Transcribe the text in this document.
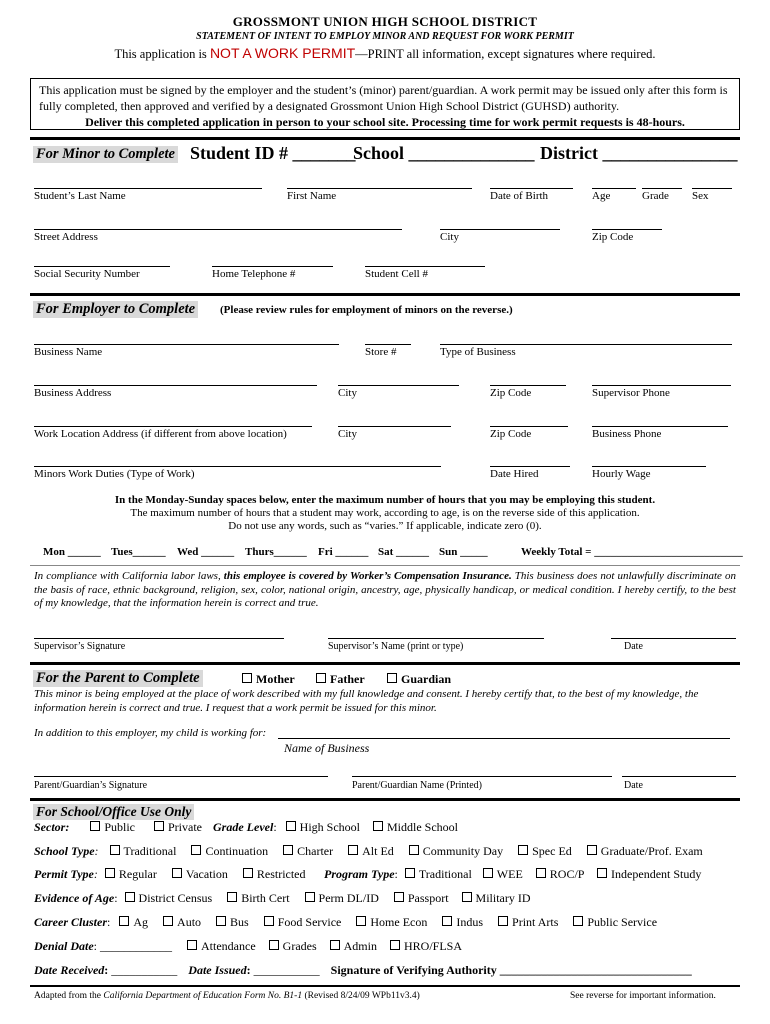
GROSSMONT UNION HIGH SCHOOL DISTRICT
STATEMENT OF INTENT TO EMPLOY MINOR AND REQUEST FOR WORK PERMIT
This application is NOT A WORK PERMIT—PRINT all information, except signatures where required.
This application must be signed by the employer and the student’s (minor) parent/guardian. A work permit may be issued only after this form is fully completed, then approved and verified by a designated Grossmont Union High School District (GUHSD) authority.
Deliver this completed application in person to your school site. Processing time for work permit requests is 48-hours.
For Minor to Complete Student ID # _______
School ______________ District _______________
Student’s Last Name	First Name	Date of Birth	Age	Grade Sex
Street Address	City	Zip Code
Social Security Number	Home Telephone #	Student Cell #
For Employer to Complete (Please review rules for employment of minors on the reverse.)
Business Name	Store #	Type of Business
Business Address	City	Zip Code	Supervisor Phone
Work Location Address (if different from above location)	City	Zip Code	Business Phone
Minors Work Duties (Type of Work)	Date Hired	Hourly Wage
In the Monday-Sunday spaces below, enter the maximum number of hours that you may be employing this student.
The maximum number of hours that a student may work, according to age, is on the reverse side of this application.
Do not use any words, such as “varies.” If applicable, indicate zero (0).
Mon ______ Tues______ Wed ______ Thurs______ Fri ______ Sat ______ Sun _____	Weekly Total = ___________________________
In compliance with California labor laws, this employee is covered by Worker’s Compensation Insurance. This business does not unlawfully discriminate on the basis of race, ethnic background, religion, sex, color, national origin, ancestry, age, physically handicap, or medical condition. I hereby certify, to the best of my knowledge, that the information herein is correct and true.
Supervisor’s Signature	Supervisor’s Name (print or type)	Date
For the Parent to Complete	Mother	Father	Guardian
This minor is being employed at the place of work described with my full knowledge and consent. I hereby certify that, to the best of my knowledge, the information herein is correct and true. I request that a work permit be issued for this minor.
In addition to this employer, my child is working for:
Name of Business
Parent/Guardian’s Signature	Parent/Guardian Name (Printed)	Date
For School/Office Use Only
Sector:	Public	Private Grade Level: High School Middle School
School Type: Traditional Continuation Charter Alt Ed Community Day Spec Ed Graduate/Prof. Exam
Permit Type: Regular Vacation Restricted Program Type: Traditional WEE ROC/P Independent Study
Evidence of Age: District Census Birth Cert Perm DL/ID Passport Military ID
Career Cluster: Ag Auto Bus Food Service Home Econ Indus Print Arts Public Service
Denial Date: ____________ Attendance Grades Admin HRO/FLSA
Date Received: ___________ Date Issued: ___________ Signature of Verifying Authority ________________________________
Adapted from the California Department of Education Form No. B1-1 (Revised 8/24/09 WPb11v3.4)	See reverse for important information.
